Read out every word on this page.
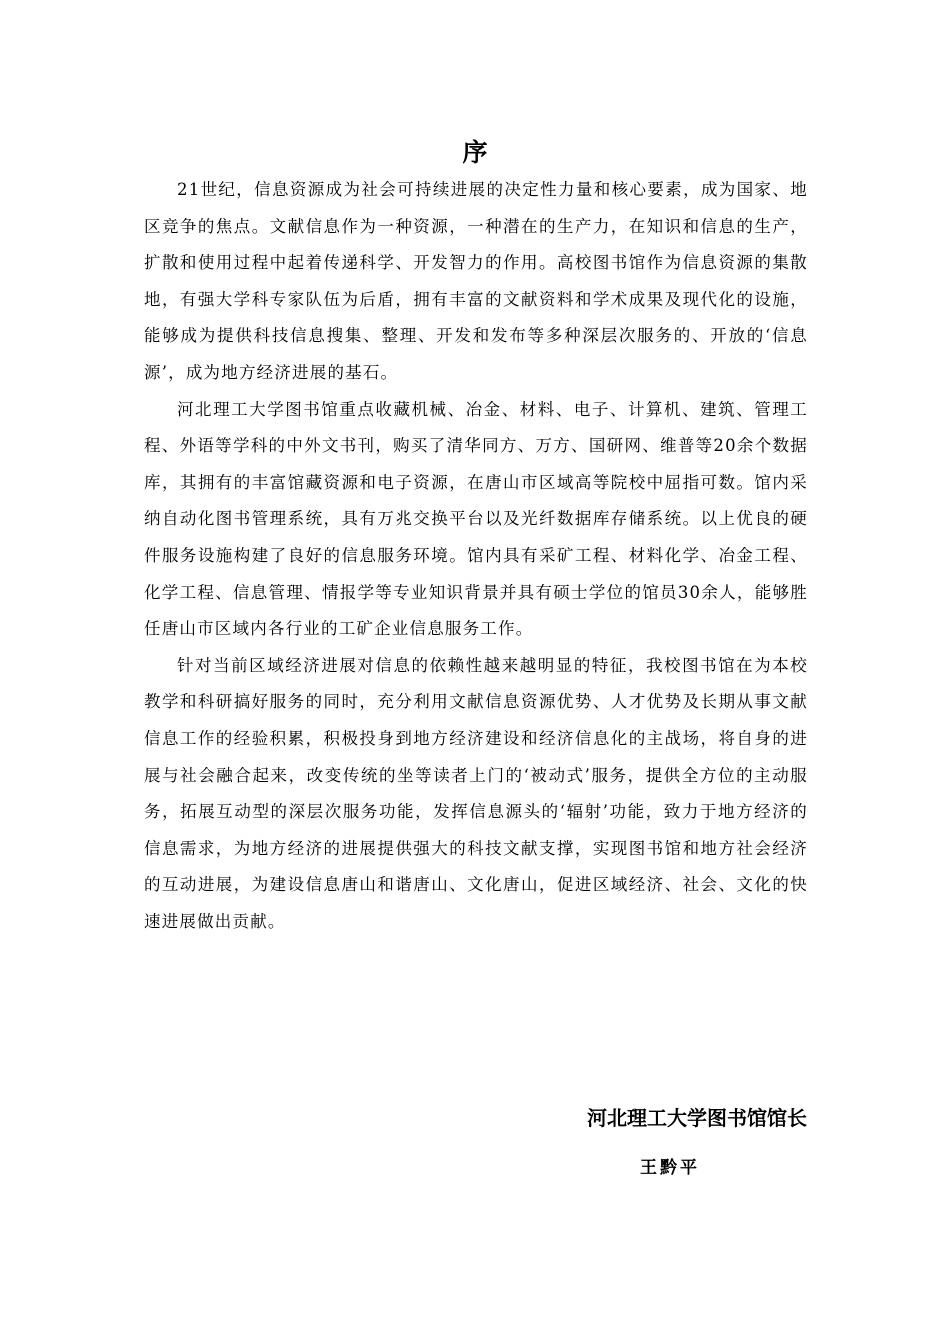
序

21世纪，信息资源成为社会可持续进展的决定性力量和核心要素，成为国家、地区竞争的焦点。文献信息作为一种资源，一种潜在的生产力，在知识和信息的生产，扩散和使用过程中起着传递科学、开发智力的作用。高校图书馆作为信息资源的集散地，有强大学科专家队伍为后盾，拥有丰富的文献资料和学术成果及现代化的设施，能够成为提供科技信息搜集、整理、开发和发布等多种深层次服务的、开放的‘信息源’，成为地方经济进展的基石。

河北理工大学图书馆重点收藏机械、冶金、材料、电子、计算机、建筑、管理工程、外语等学科的中外文书刊，购买了清华同方、万方、国研网、维普等20余个数据库，其拥有的丰富馆藏资源和电子资源，在唐山市区域高等院校中屈指可数。馆内采纳自动化图书管理系统，具有万兆交换平台以及光纤数据库存储系统。以上优良的硬件服务设施构建了良好的信息服务环境。馆内具有采矿工程、材料化学、冶金工程、化学工程、信息管理、情报学等专业知识背景并具有硕士学位的馆员30余人，能够胜任唐山市区域内各行业的工矿企业信息服务工作。

针对当前区域经济进展对信息的依赖性越来越明显的特征，我校图书馆在为本校教学和科研搞好服务的同时，充分利用文献信息资源优势、人才优势及长期从事文献信息工作的经验积累，积极投身到地方经济建设和经济信息化的主战场，将自身的进展与社会融合起来，改变传统的坐等读者上门的‘被动式’服务，提供全方位的主动服务，拓展互动型的深层次服务功能，发挥信息源头的‘辐射’功能，致力于地方经济的信息需求，为地方经济的进展提供强大的科技文献支撑，实现图书馆和地方社会经济的互动进展，为建设信息唐山和谐唐山、文化唐山，促进区域经济、社会、文化的快速进展做出贡献。

河北理工大学图书馆馆长
王黔平
